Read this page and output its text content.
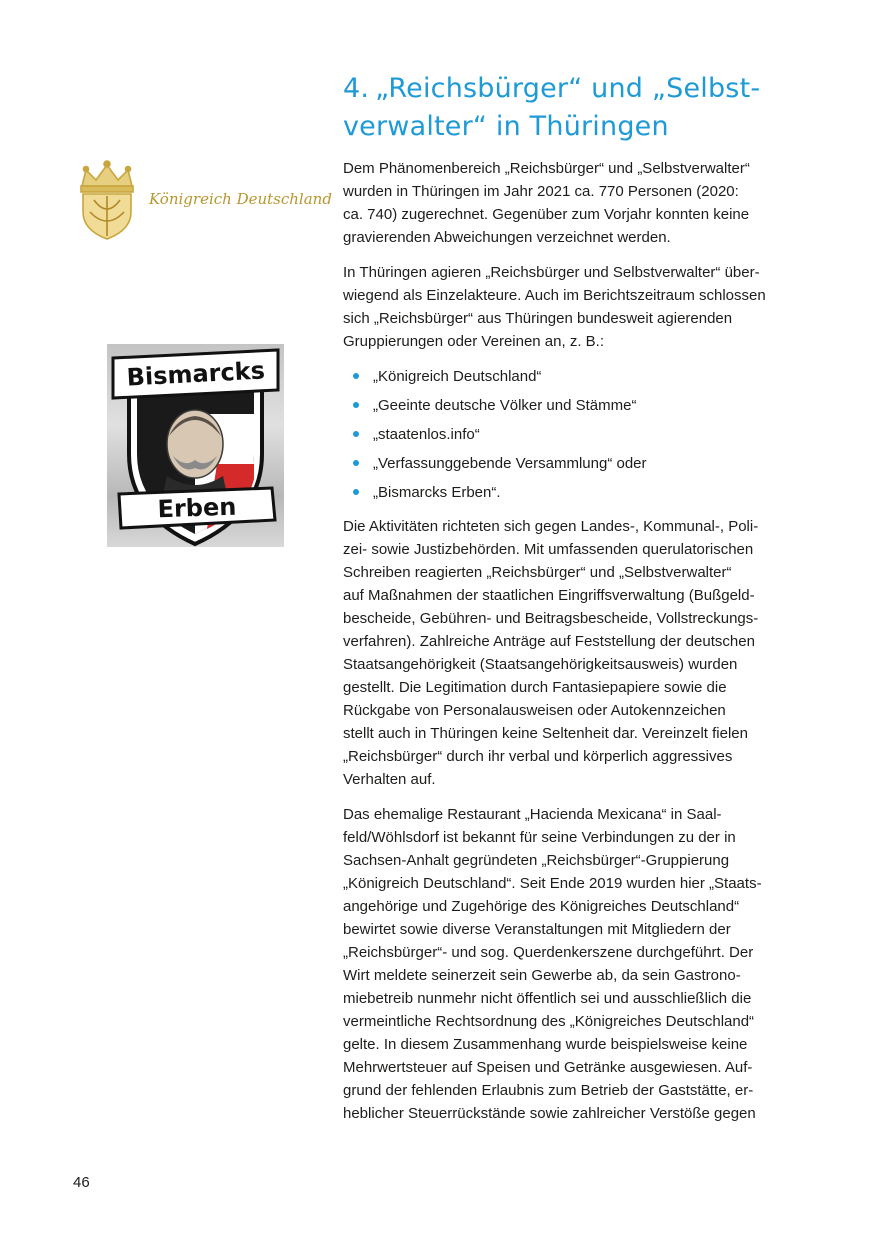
4. „Reichsbürger“ und „Selbst-
verwalter“ in Thüringen
Königreich Deutschland
Bismarcks
Erben

Dem Phänomenbereich „Reichsbürger“ und „Selbstverwalter“
wurden in Thüringen im Jahr 2021 ca. 770 Personen (2020:
ca. 740) zugerechnet. Gegenüber zum Vorjahr konnten keine
gravierenden Abweichungen verzeichnet werden.

In Thüringen agieren „Reichsbürger und Selbstverwalter“ über-
wiegend als Einzelakteure. Auch im Berichtszeitraum schlossen
sich „Reichsbürger“ aus Thüringen bundesweit agierenden
Gruppierungen oder Vereinen an, z. B.:

„Königreich Deutschland“
„Geeinte deutsche Völker und Stämme“
„staatenlos.info“
„Verfassunggebende Versammlung“ oder
„Bismarcks Erben“.

Die Aktivitäten richteten sich gegen Landes-, Kommunal-, Poli-
zei- sowie Justizbehörden. Mit umfassenden querulatorischen
Schreiben reagierten „Reichsbürger“ und „Selbstverwalter“
auf Maßnahmen der staatlichen Eingriffsverwaltung (Bußgeld-
bescheide, Gebühren- und Beitragsbescheide, Vollstreckungs-
verfahren). Zahlreiche Anträge auf Feststellung der deutschen
Staatsangehörigkeit (Staatsangehörigkeitsausweis) wurden
gestellt. Die Legitimation durch Fantasiepapiere sowie die
Rückgabe von Personalausweisen oder Autokennzeichen
stellt auch in Thüringen keine Seltenheit dar. Vereinzelt fielen
„Reichsbürger“ durch ihr verbal und körperlich aggressives
Verhalten auf.

Das ehemalige Restaurant „Hacienda Mexicana“ in Saal-
feld/Wöhlsdorf ist bekannt für seine Verbindungen zu der in
Sachsen-Anhalt gegründeten „Reichsbürger“-Gruppierung
„Königreich Deutschland“. Seit Ende 2019 wurden hier „Staats-
angehörige und Zugehörige des Königreiches Deutschland“
bewirtet sowie diverse Veranstaltungen mit Mitgliedern der
„Reichsbürger“- und sog. Querdenkerszene durchgeführt. Der
Wirt meldete seinerzeit sein Gewerbe ab, da sein Gastrono-
miebetreib nunmehr nicht öffentlich sei und ausschließlich die
vermeintliche Rechtsordnung des „Königreiches Deutschland“
gelte. In diesem Zusammenhang wurde beispielsweise keine
Mehrwertsteuer auf Speisen und Getränke ausgewiesen. Auf-
grund der fehlenden Erlaubnis zum Betrieb der Gaststätte, er-
heblicher Steuerrückstände sowie zahlreicher Verstöße gegen

46
